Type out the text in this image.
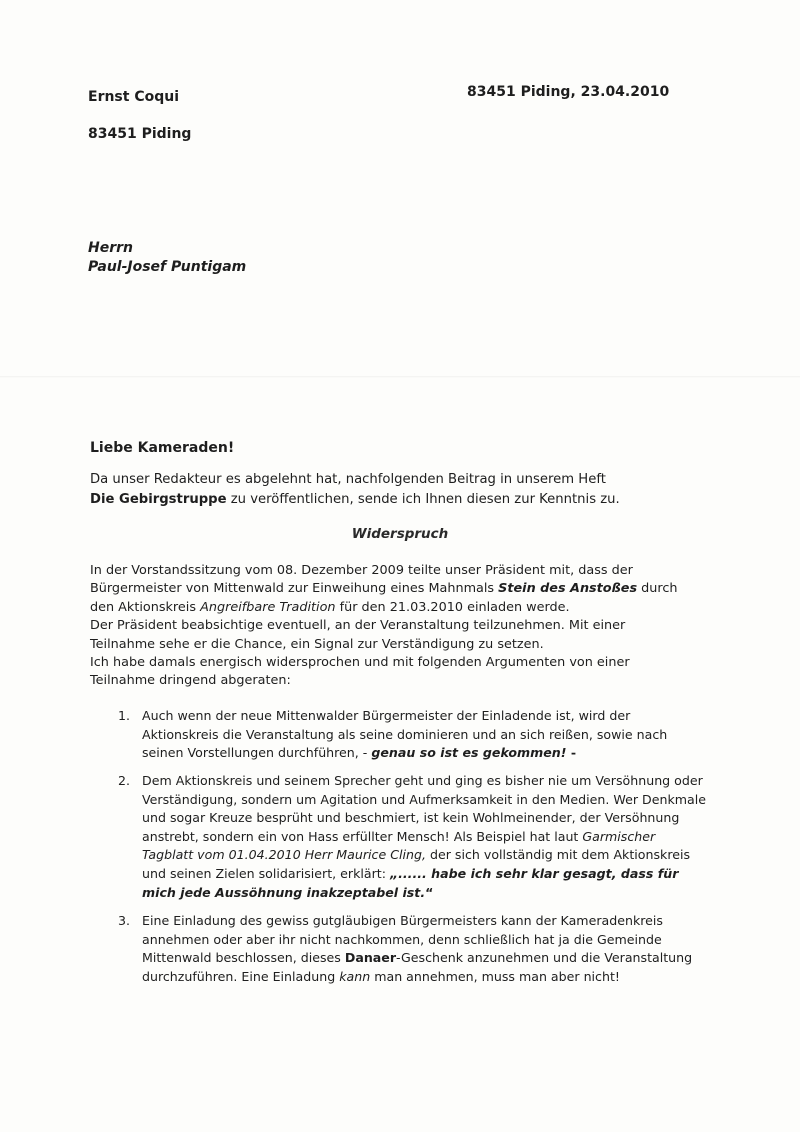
Ernst Coqui
83451 Piding
83451 Piding, 23.04.2010
Herrn
Paul-Josef Puntigam
Liebe Kameraden!
Da unser Redakteur es abgelehnt hat, nachfolgenden Beitrag in unserem Heft
Die Gebirgstruppe zu veröffentlichen, sende ich Ihnen diesen zur Kenntnis zu.
Widerspruch

In der Vorstandssitzung vom 08. Dezember 2009 teilte unser Präsident mit, dass der Bürgermeister von Mittenwald zur Einweihung eines Mahnmals Stein des Anstoßes durch den Aktionskreis Angreifbare Tradition für den 21.03.2010 einladen werde.

Der Präsident beabsichtige eventuell, an der Veranstaltung teilzunehmen. Mit einer Teilnahme sehe er die Chance, ein Signal zur Verständigung zu setzen.

Ich habe damals energisch widersprochen und mit folgenden Argumenten von einer Teilnahme dringend abgeraten:

1. Auch wenn der neue Mittenwalder Bürgermeister der Einladende ist, wird der Aktionskreis die Veranstaltung als seine dominieren und an sich reißen, sowie nach seinen Vorstellungen durchführen, - genau so ist es gekommen! -
2. Dem Aktionskreis und seinem Sprecher geht und ging es bisher nie um Versöhnung oder Verständigung, sondern um Agitation und Aufmerksamkeit in den Medien. Wer Denkmale und sogar Kreuze besprüht und beschmiert, ist kein Wohlmeinender, der Versöhnung anstrebt, sondern ein von Hass erfüllter Mensch! Als Beispiel hat laut Garmischer Tagblatt vom 01.04.2010 Herr Maurice Cling, der sich vollständig mit dem Aktionskreis und seinen Zielen solidarisiert, erklärt: „...... habe ich sehr klar gesagt, dass für mich jede Aussöhnung inakzeptabel ist.“
3. Eine Einladung des gewiss gutgläubigen Bürgermeisters kann der Kameradenkreis annehmen oder aber ihr nicht nachkommen, denn schließlich hat ja die Gemeinde Mittenwald beschlossen, dieses Danaer-Geschenk anzunehmen und die Veranstaltung durchzuführen. Eine Einladung kann man annehmen, muss man aber nicht!
